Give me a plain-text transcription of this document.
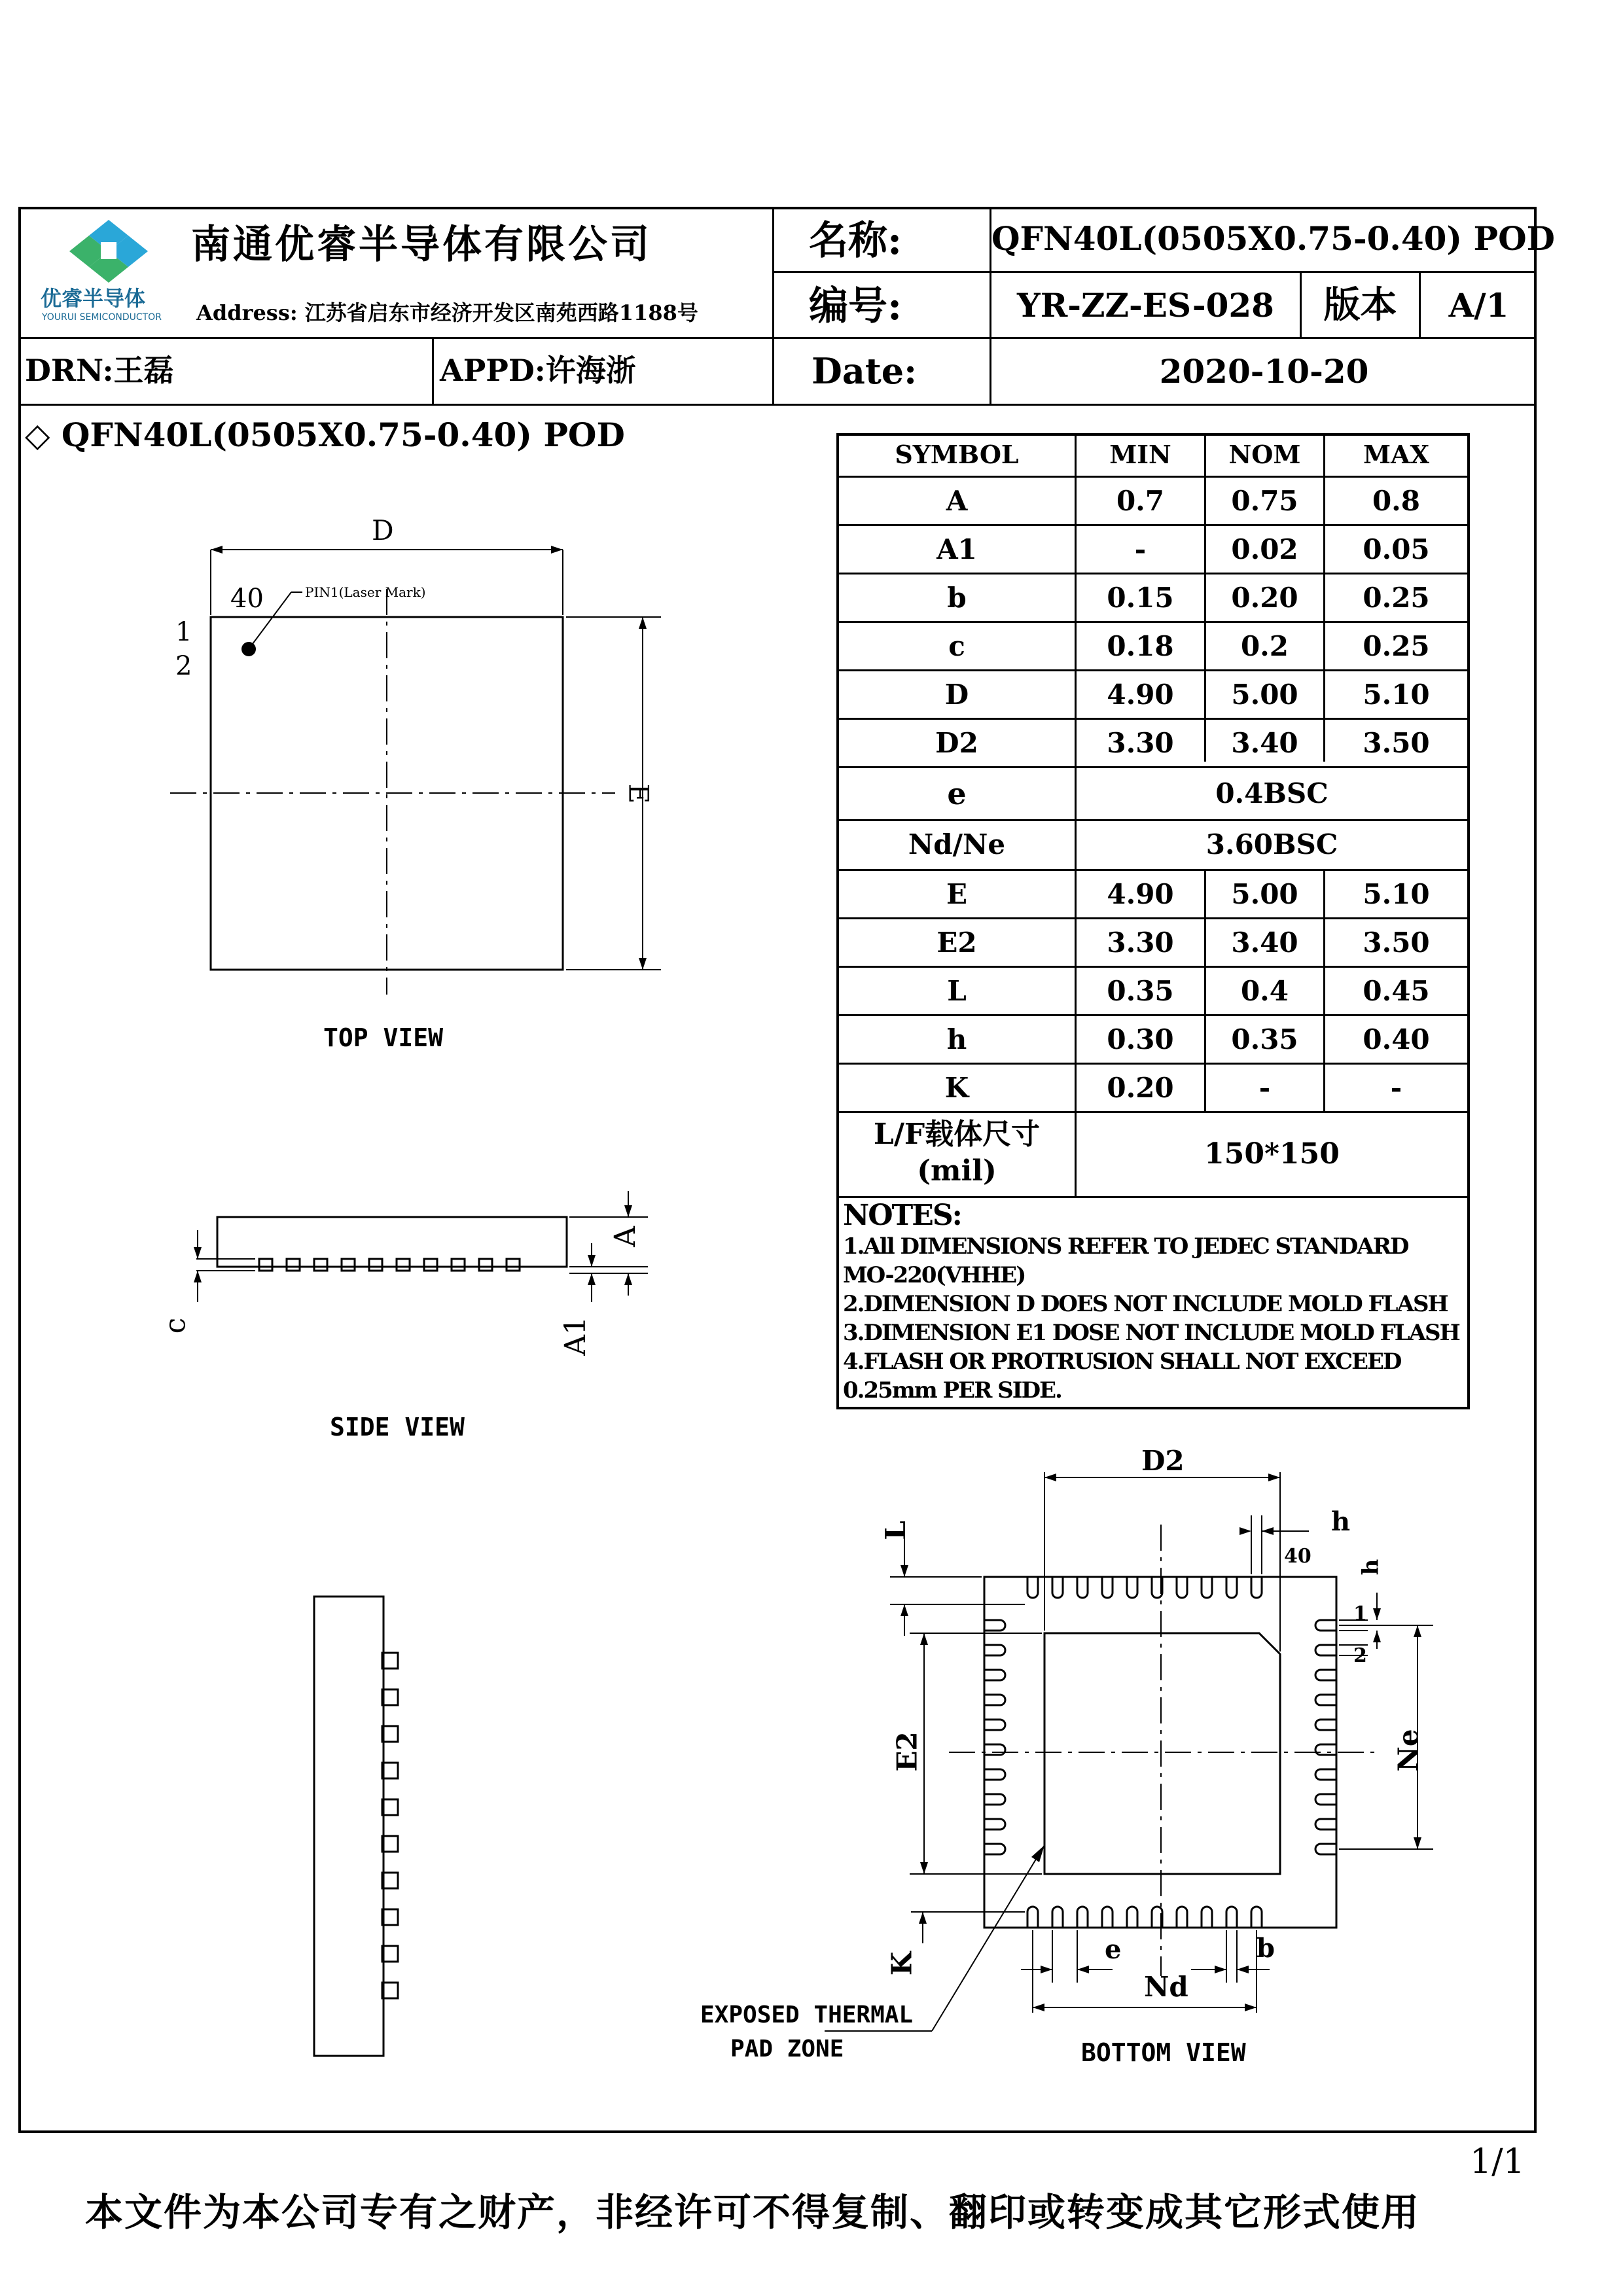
优睿半导体
YOURUI SEMICONDUCTOR
南通优睿半导体有限公司
Address: 江苏省启东市经济开发区南苑西路1188号
名称:	QFN40L(0505X0.75-0.40) POD
编号:	YR-ZZ-ES-028	版本	A/1
DRN:王磊	APPD:许海浙	Date:	2020-10-20
◇ QFN40L(0505X0.75-0.40) POD
D
E
40
1
2
PIN1(Laser Mark)
TOP VIEW
A
A1
c
SIDE VIEW
SYMBOL	MIN	NOM	MAX
A	0.7	0.75	0.8
A1	-	0.02	0.05
b	0.15	0.20	0.25
c	0.18	0.2	0.25
D	4.90	5.00	5.10
D2	3.30	3.40	3.50
e	0.4BSC
Nd/Ne	3.60BSC
E	4.90	5.00	5.10
E2	3.30	3.40	3.50
L	0.35	0.4	0.45
h	0.30	0.35	0.40
K	0.20	-	-
L/F载体尺寸
(mil)
150*150
NOTES:
1.All DIMENSIONS REFER TO JEDEC STANDARD
MO-220(VHHE)
2.DIMENSION D DOES NOT INCLUDE MOLD FLASH
3.DIMENSION E1 DOSE NOT INCLUDE MOLD FLASH
4.FLASH OR PROTRUSION SHALL NOT EXCEED
0.25mm PER SIDE.
D2
E2	Ne
Nd
L	h
h
K	e	b
40
1
2
EXPOSED THERMAL
PAD ZONE	BOTTOM VIEW
1/1
本文件为本公司专有之财产，非经许可不得复制、翻印或转变成其它形式使用
